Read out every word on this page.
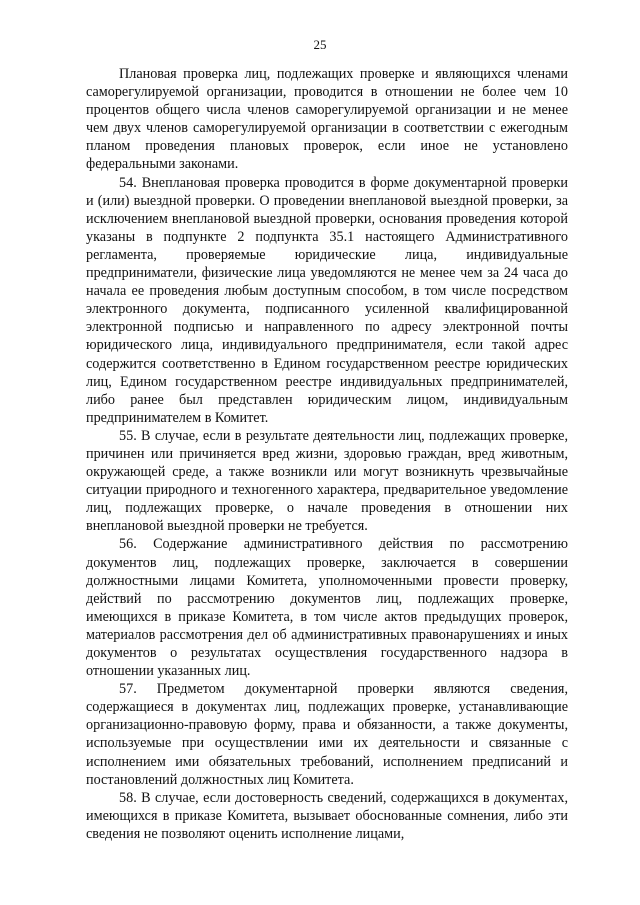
25

Плановая проверка лиц, подлежащих проверке и являющихся членами саморегулируемой организации, проводится в отношении не более чем 10 процентов общего числа членов саморегулируемой организации и не менее чем двух членов саморегулируемой организации в соответствии с ежегодным планом проведения плановых проверок, если иное не установлено федеральными законами.

54. Внеплановая проверка проводится в форме документарной проверки и (или) выездной проверки. О проведении внеплановой выездной проверки, за исключением внеплановой выездной проверки, основания проведения которой указаны в подпункте 2 подпункта 35.1 настоящего Административного регламента, проверяемые юридические лица, индивидуальные предприниматели, физические лица уведомляются не менее чем за 24 часа до начала ее проведения любым доступным способом, в том числе посредством электронного документа, подписанного усиленной квалифицированной электронной подписью и направленного по адресу электронной почты юридического лица, индивидуального предпринимателя, если такой адрес содержится соответственно в Едином государственном реестре юридических лиц, Едином государственном реестре индивидуальных предпринимателей, либо ранее был представлен юридическим лицом, индивидуальным предпринимателем в Комитет.

55. В случае, если в результате деятельности лиц, подлежащих проверке, причинен или причиняется вред жизни, здоровью граждан, вред животным, окружающей среде, а также возникли или могут возникнуть чрезвычайные ситуации природного и техногенного характера, предварительное уведомление лиц, подлежащих проверке, о начале проведения в отношении них внеплановой выездной проверки не требуется.

56. Содержание административного действия по рассмотрению документов лиц, подлежащих проверке, заключается в совершении должностными лицами Комитета, уполномоченными провести проверку, действий по рассмотрению документов лиц, подлежащих проверке, имеющихся в приказе Комитета, в том числе актов предыдущих проверок, материалов рассмотрения дел об административных правонарушениях и иных документов о результатах осуществления государственного надзора в отношении указанных лиц.

57. Предметом документарной проверки являются сведения, содержащиеся в документах лиц, подлежащих проверке, устанавливающие организационно-правовую форму, права и обязанности, а также документы, используемые при осуществлении ими их деятельности и связанные с исполнением ими обязательных требований, исполнением предписаний и постановлений должностных лиц Комитета.

58. В случае, если достоверность сведений, содержащихся в документах, имеющихся в приказе Комитета, вызывает обоснованные сомнения, либо эти сведения не позволяют оценить исполнение лицами,
